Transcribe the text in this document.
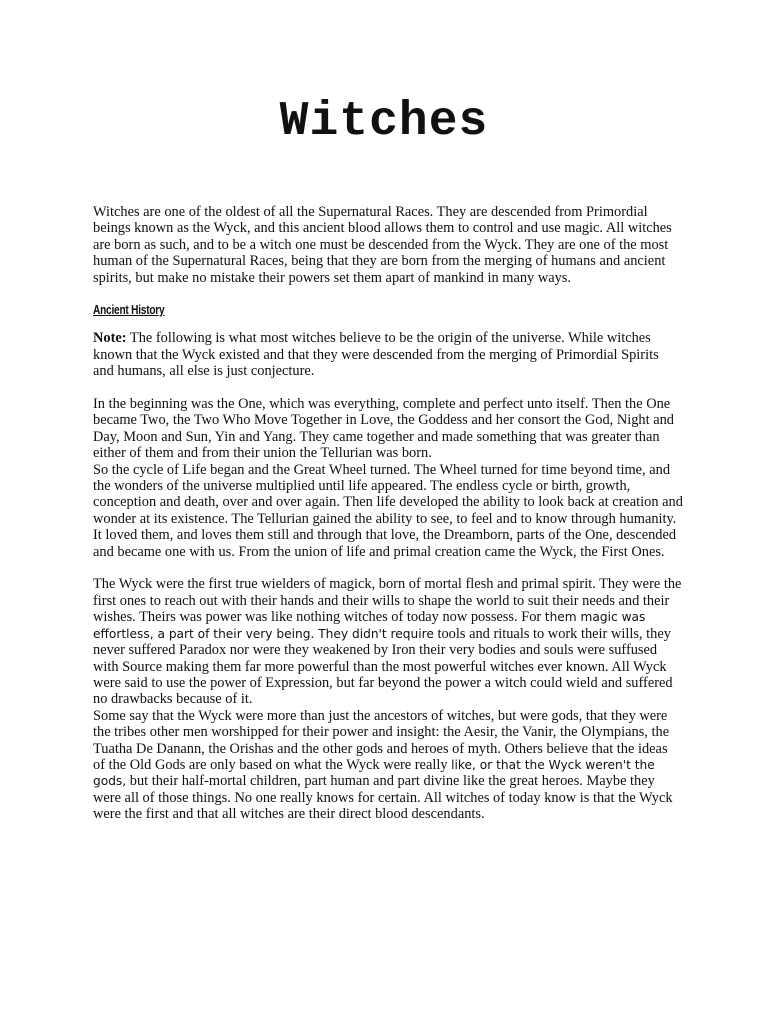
Witches

Witches are one of the oldest of all the Supernatural Races. They are descended from Primordial beings known as the Wyck, and this ancient blood allows them to control and use magic. All witches are born as such, and to be a witch one must be descended from the Wyck. They are one of the most human of the Supernatural Races, being that they are born from the merging of humans and ancient spirits, but make no mistake their powers set them apart of mankind in many ways.

Ancient History

Note: The following is what most witches believe to be the origin of the universe. While witches known that the Wyck existed and that they were descended from the merging of Primordial Spirits and humans, all else is just conjecture.

In the beginning was the One, which was everything, complete and perfect unto itself. Then the One became Two, the Two Who Move Together in Love, the Goddess and her consort the God, Night and Day, Moon and Sun, Yin and Yang. They came together and made something that was greater than either of them and from their union the Tellurian was born.

So the cycle of Life began and the Great Wheel turned. The Wheel turned for time beyond time, and the wonders of the universe multiplied until life appeared. The endless cycle or birth, growth, conception and death, over and over again. Then life developed the ability to look back at creation and wonder at its existence. The Tellurian gained the ability to see, to feel and to know through humanity. It loved them, and loves them still and through that love, the Dreamborn, parts of the One, descended and became one with us. From the union of life and primal creation came the Wyck, the First Ones.

The Wyck were the first true wielders of magick, born of mortal flesh and primal spirit. They were the first ones to reach out with their hands and their wills to shape the world to suit their needs and their wishes. Theirs was power was like nothing witches of today now possess. For them magic was effortless, a part of their very being. They didn't require tools and rituals to work their wills, they never suffered Paradox nor were they weakened by Iron their very bodies and souls were suffused with Source making them far more powerful than the most powerful witches ever known. All Wyck were said to use the power of Expression, but far beyond the power a witch could wield and suffered no drawbacks because of it.

Some say that the Wyck were more than just the ancestors of witches, but were gods, that they were the tribes other men worshipped for their power and insight: the Aesir, the Vanir, the Olympians, the Tuatha De Danann, the Orishas and the other gods and heroes of myth. Others believe that the ideas of the Old Gods are only based on what the Wyck were really like, or that the Wyck weren't the gods, but their half-mortal children, part human and part divine like the great heroes. Maybe they were all of those things. No one really knows for certain. All witches of today know is that the Wyck were the first and that all witches are their direct blood descendants.
